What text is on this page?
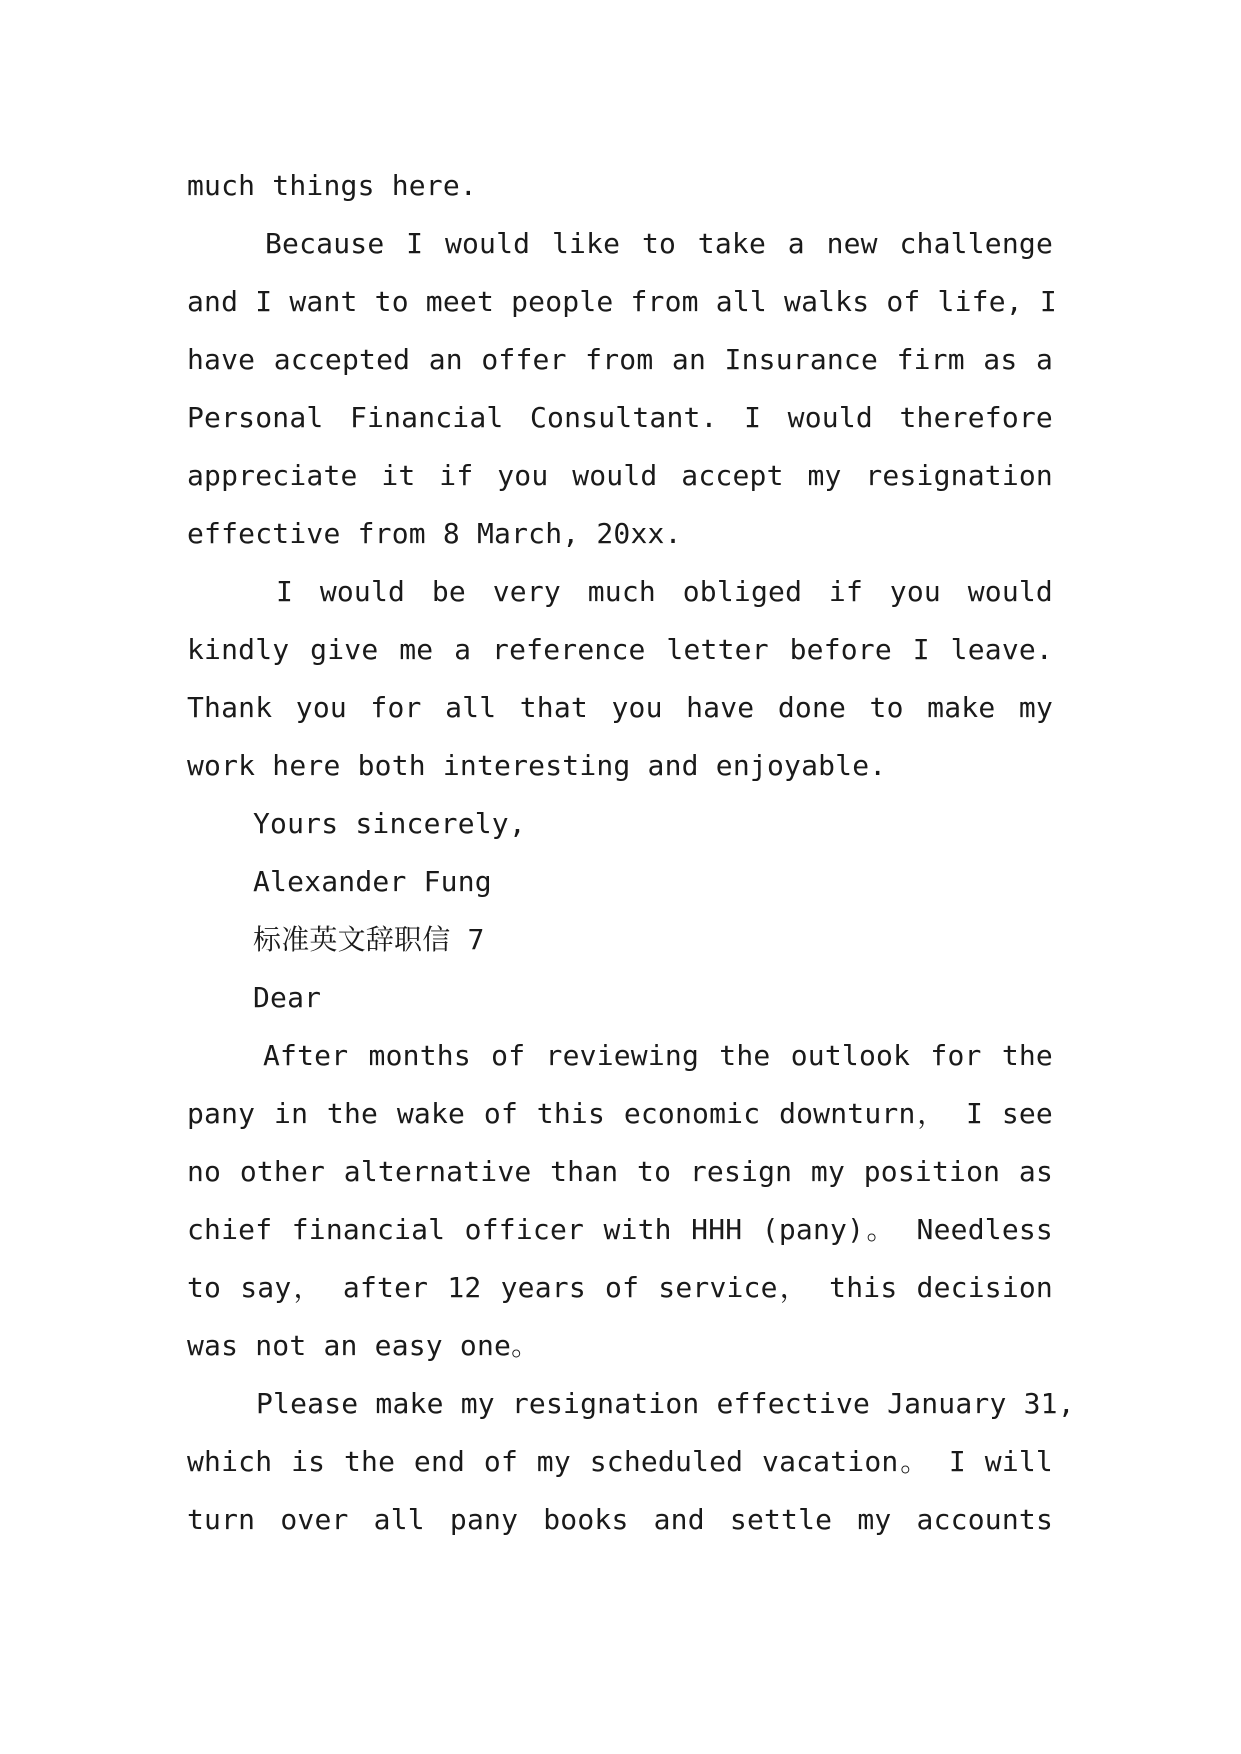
much things here.
Because I would like to take a new challenge
and I want to meet people from all walks of life, I
have accepted an offer from an Insurance firm as a
Personal Financial Consultant. I would therefore
appreciate it if you would accept my resignation
effective from 8 March, 20xx.
I would be very much obliged if you would
kindly give me a reference letter before I leave.
Thank you for all that you have done to make my
work here both interesting and enjoyable.
Yours sincerely,
Alexander Fung
标准英文辞职信 7
Dear
After months of reviewing the outlook for the
pany in the wake of this economic downturn， I see
no other alternative than to resign my position as
chief financial officer with HHH (pany)。 Needless
to say， after 12 years of service， this decision
was not an easy one。
Please make my resignation effective January 31,
which is the end of my scheduled vacation。 I will
turn over all pany books and settle my accounts
